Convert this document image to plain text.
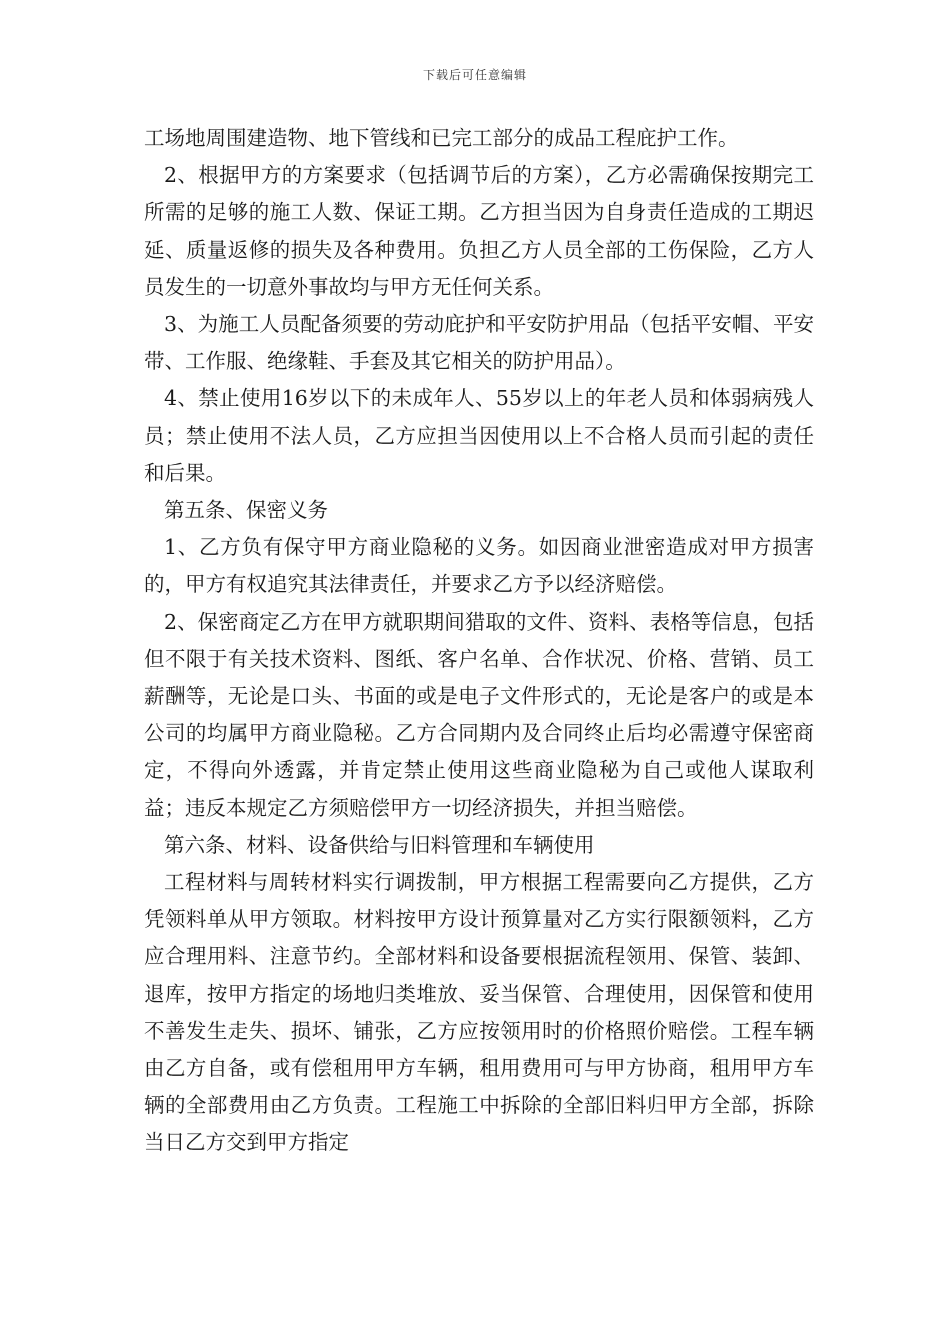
下载后可任意编辑

工场地周围建造物、地下管线和已完工部分的成品工程庇护工作。

2、根据甲方的方案要求（包括调节后的方案），乙方必需确保按期完工所需的足够的施工人数、保证工期。乙方担当因为自身责任造成的工期迟延、质量返修的损失及各种费用。负担乙方人员全部的工伤保险，乙方人员发生的一切意外事故均与甲方无任何关系。

3、为施工人员配备须要的劳动庇护和平安防护用品（包括平安帽、平安带、工作服、绝缘鞋、手套及其它相关的防护用品）。

4、禁止使用16岁以下的未成年人、55岁以上的年老人员和体弱病残人员；禁止使用不法人员，乙方应担当因使用以上不合格人员而引起的责任和后果。

第五条、保密义务

1、乙方负有保守甲方商业隐秘的义务。如因商业泄密造成对甲方损害的，甲方有权追究其法律责任，并要求乙方予以经济赔偿。

2、保密商定乙方在甲方就职期间猎取的文件、资料、表格等信息，包括但不限于有关技术资料、图纸、客户名单、合作状况、价格、营销、员工薪酬等，无论是口头、书面的或是电子文件形式的，无论是客户的或是本公司的均属甲方商业隐秘。乙方合同期内及合同终止后均必需遵守保密商定，不得向外透露，并肯定禁止使用这些商业隐秘为自己或他人谋取利益；违反本规定乙方须赔偿甲方一切经济损失，并担当赔偿。

第六条、材料、设备供给与旧料管理和车辆使用

工程材料与周转材料实行调拨制，甲方根据工程需要向乙方提供，乙方凭领料单从甲方领取。材料按甲方设计预算量对乙方实行限额领料，乙方应合理用料、注意节约。全部材料和设备要根据流程领用、保管、装卸、退库，按甲方指定的场地归类堆放、妥当保管、合理使用，因保管和使用不善发生走失、损坏、铺张，乙方应按领用时的价格照价赔偿。工程车辆由乙方自备，或有偿租用甲方车辆，租用费用可与甲方协商，租用甲方车辆的全部费用由乙方负责。工程施工中拆除的全部旧料归甲方全部，拆除当日乙方交到甲方指定
